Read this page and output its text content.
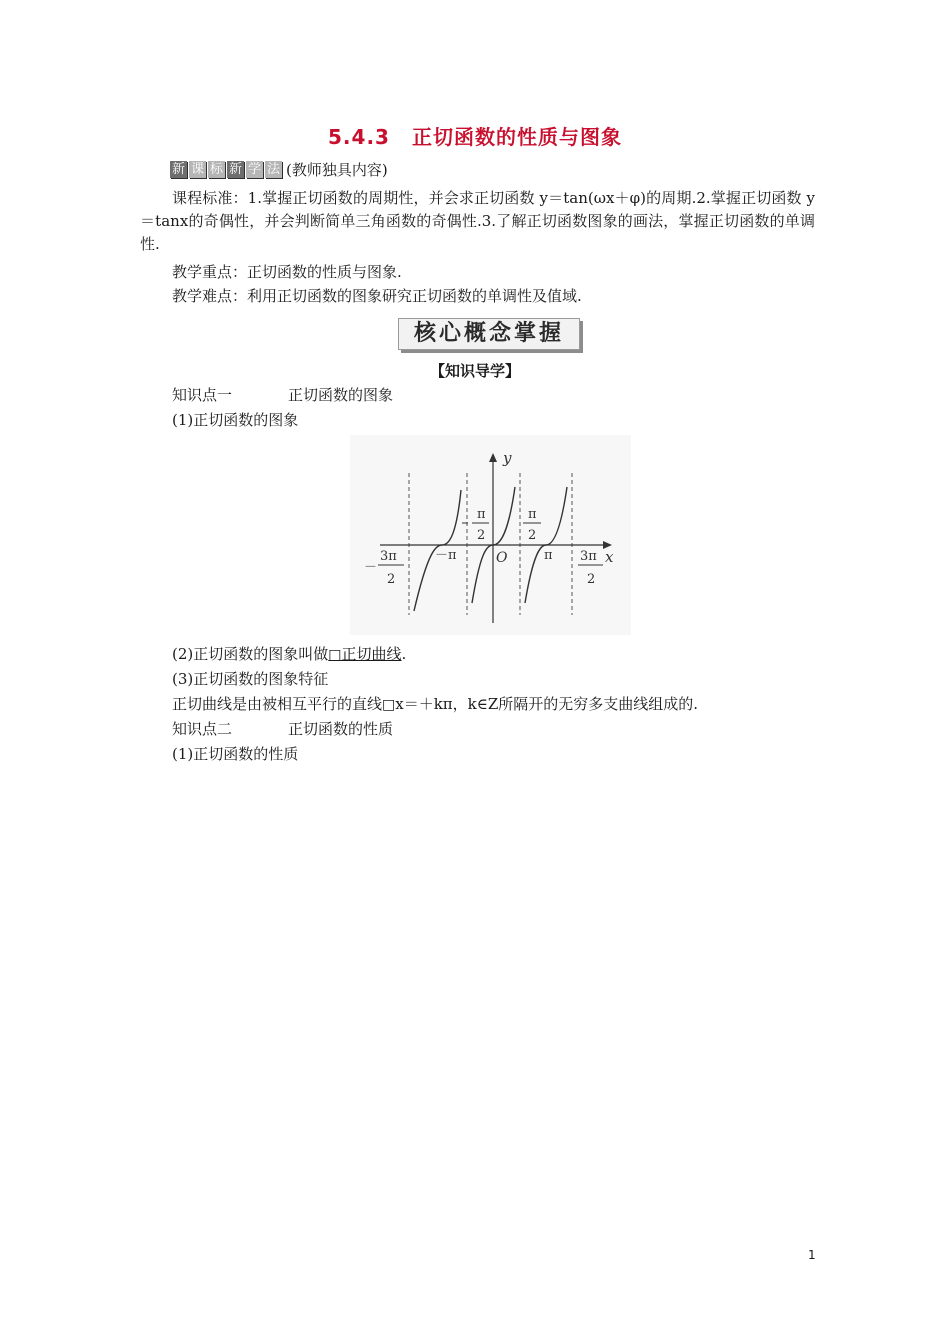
5.4.3 正切函数的性质与图象
新 课 标 新 学 法 (教师独具内容)
课程标准：1.掌握正切函数的周期性，并会求正切函数 y＝tan(ωx＋φ)的周期.2.掌握正切函数 y＝tanx的奇偶性，并会判断简单三角函数的奇偶性.3.了解正切函数图象的画法，掌握正切函数的单调性.
教学重点：正切函数的性质与图象.
教学难点：利用正切函数的图象研究正切函数的单调性及值域.
核心概念掌握
【知识导学】
知识点一	正切函数的图象
(1)正切函数的图象
y
x
O
－
3π
2
－π
π
2
π
2
π 3π
2
(2)正切函数的图象叫做□正切曲线.
(3)正切函数的图象特征
正切曲线是由被相互平行的直线□x＝＋kπ，k∈Z所隔开的无穷多支曲线组成的.
知识点二	正切函数的性质
(1)正切函数的性质
1
